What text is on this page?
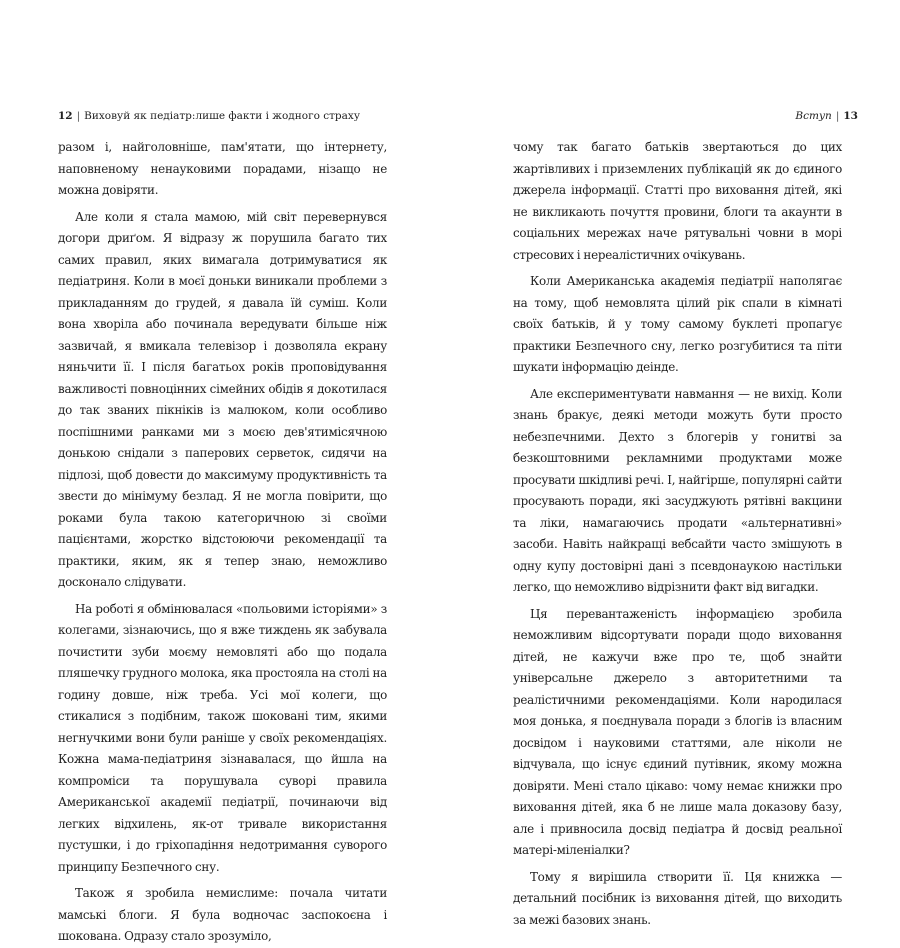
12 | Виховуй як педіатр:лише факти і жодного страху

разом і, найголовніше, пам'ятати, що інтернету, наповненому ненауковими порадами, нізащо не можна довіряти.

Але коли я стала мамою, мій світ перевернувся догори дриґом. Я відразу ж порушила багато тих самих правил, яких вимагала дотримуватися як педіатриня. Коли в моєї доньки виникали проблеми з прикладанням до грудей, я давала їй суміш. Коли вона хворіла або починала вередувати більше ніж зазвичай, я вмикала телевізор і дозволяла екрану няньчити її. І після багатьох років проповідування важливості повноцінних сімейних обідів я докотилася до так званих пікніків із малюком, коли особливо поспішними ранками ми з моєю дев'ятимісячною донькою снідали з паперових серветок, сидячи на підлозі, щоб довести до максимуму продуктивність та звести до мінімуму безлад. Я не могла повірити, що роками була такою категоричною зі своїми пацієнтами, жорстко відстоюючи рекомендації та практики, яким, як я тепер знаю, неможливо досконало слідувати.

На роботі я обмінювалася «польовими історіями» з колегами, зізнаючись, що я вже тиждень як забувала почистити зуби моєму немовляті або що подала пляшечку грудного молока, яка простояла на столі на годину довше, ніж треба. Усі мої колеги, що стикалися з подібним, також шоковані тим, якими негнучкими вони були раніше у своїх рекомендаціях. Кожна мама-педіатриня зізнавалася, що йшла на компроміси та порушувала суворі правила Американської академії педіатрії, починаючи від легких відхилень, як-от тривале використання пустушки, і до гріхопадіння недотримання суворого принципу Безпечного сну.

Також я зробила немислиме: почала читати мамські блоги. Я була водночас заспокоєна і шокована. Одразу стало зрозуміло,

Вступ | 13

чому так багато батьків звертаються до цих жартівливих і приземлених публікацій як до єдиного джерела інформації. Статті про виховання дітей, які не викликають почуття провини, блоги та акаунти в соціальних мережах наче рятувальні човни в морі стресових і нереалістичних очікувань.

Коли Американська академія педіатрії наполягає на тому, щоб немовлята цілий рік спали в кімнаті своїх батьків, й у тому самому буклеті пропагує практики Безпечного сну, легко розгубитися та піти шукати інформацію деінде.

Але експериментувати навмання — не вихід. Коли знань бракує, деякі методи можуть бути просто небезпечними. Дехто з блогерів у гонитві за безкоштовними рекламними продуктами може просувати шкідливі речі. І, найгірше, популярні сайти просувають поради, які засуджують рятівні вакцини та ліки, намагаючись продати «альтернативні» засоби. Навіть найкращі вебсайти часто змішують в одну купу достовірні дані з псевдонаукою настільки легко, що неможливо відрізнити факт від вигадки.

Ця перевантаженість інформацією зробила неможливим відсортувати поради щодо виховання дітей, не кажучи вже про те, щоб знайти універсальне джерело з авторитетними та реалістичними рекомендаціями. Коли народилася моя донька, я поєднувала поради з блогів із власним досвідом і науковими статтями, але ніколи не відчувала, що існує єдиний путівник, якому можна довіряти. Мені стало цікаво: чому немає книжки про виховання дітей, яка б не лише мала доказову базу, але і привносила досвід педіатра й досвід реальної матері-міленіалки?

Тому я вирішила створити її. Ця книжка — детальний посібник із виховання дітей, що виходить за межі базових знань.
